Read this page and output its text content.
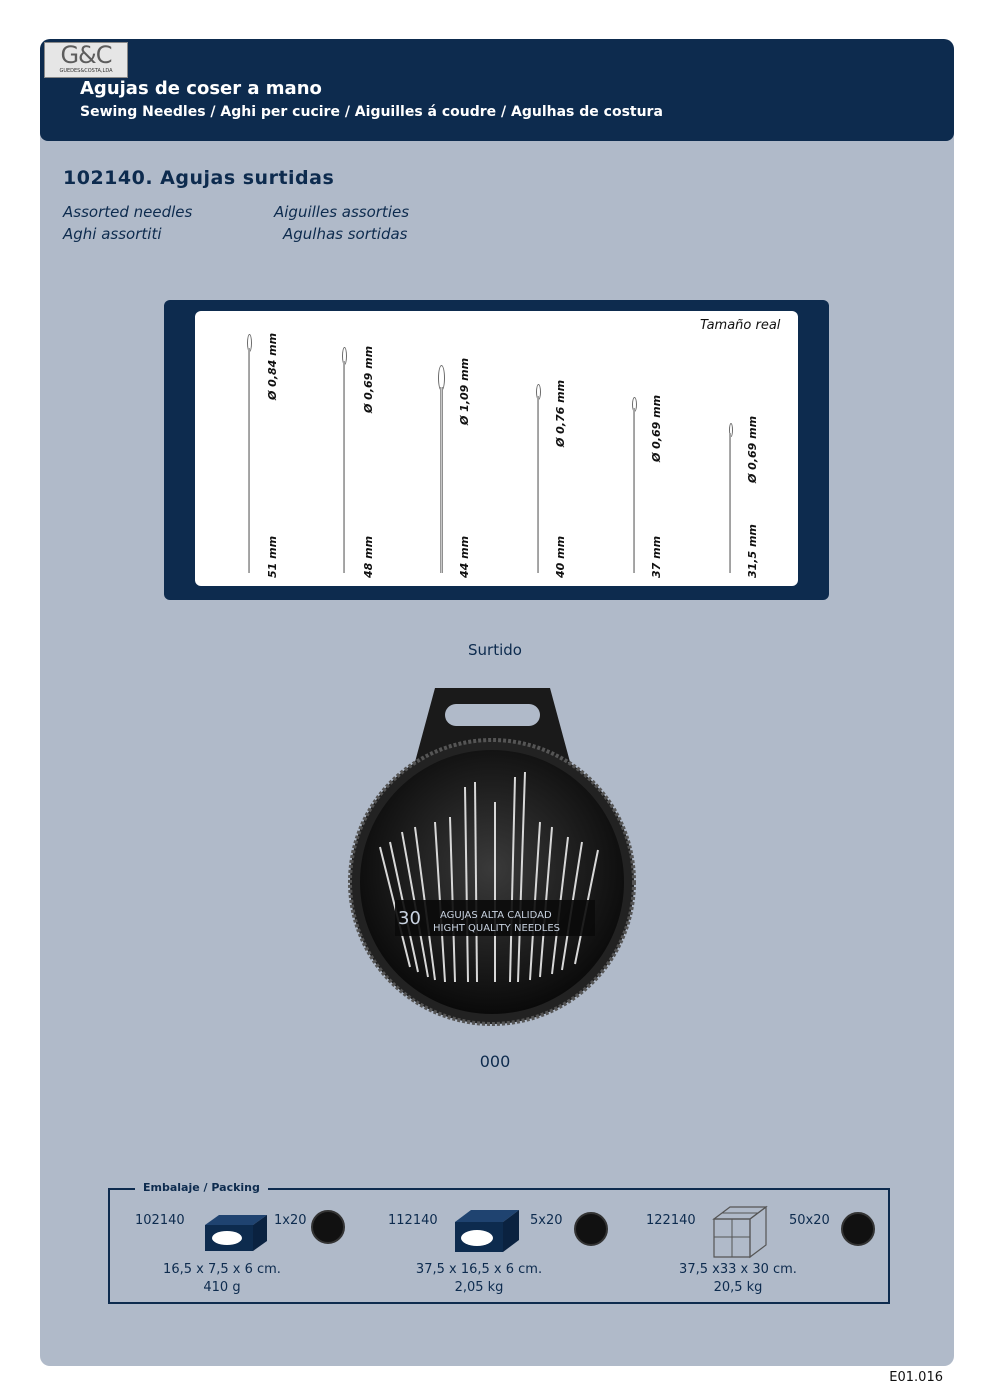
G&C
GUEDES&COSTA,LDA
Agujas de coser a mano
Sewing Needles / Aghi per cucire / Aiguilles á coudre / Agulhas de costura
102140. Agujas surtidas
Assorted needles
Aghi assortiti
Aiguilles assorties
Agulhas sortidas
Tamaño real
Ø 0,84 mm
51 mm
Ø 0,69 mm
48 mm
Ø 1,09 mm
44 mm
Ø 0,76 mm
40 mm
Ø 0,69 mm
37 mm
Ø 0,69 mm
31,5 mm
Surtido
30 AGUJAS ALTA CALIDAD
HIGHT QUALITY NEEDLES
000
Embalaje / Packing
102140	1x20
16,5 x 7,5 x 6 cm.
410 g
112140	5x20
37,5 x 16,5 x 6 cm.
2,05 kg
122140	50x20
37,5 x33 x 30 cm.
20,5 kg
E01.016
